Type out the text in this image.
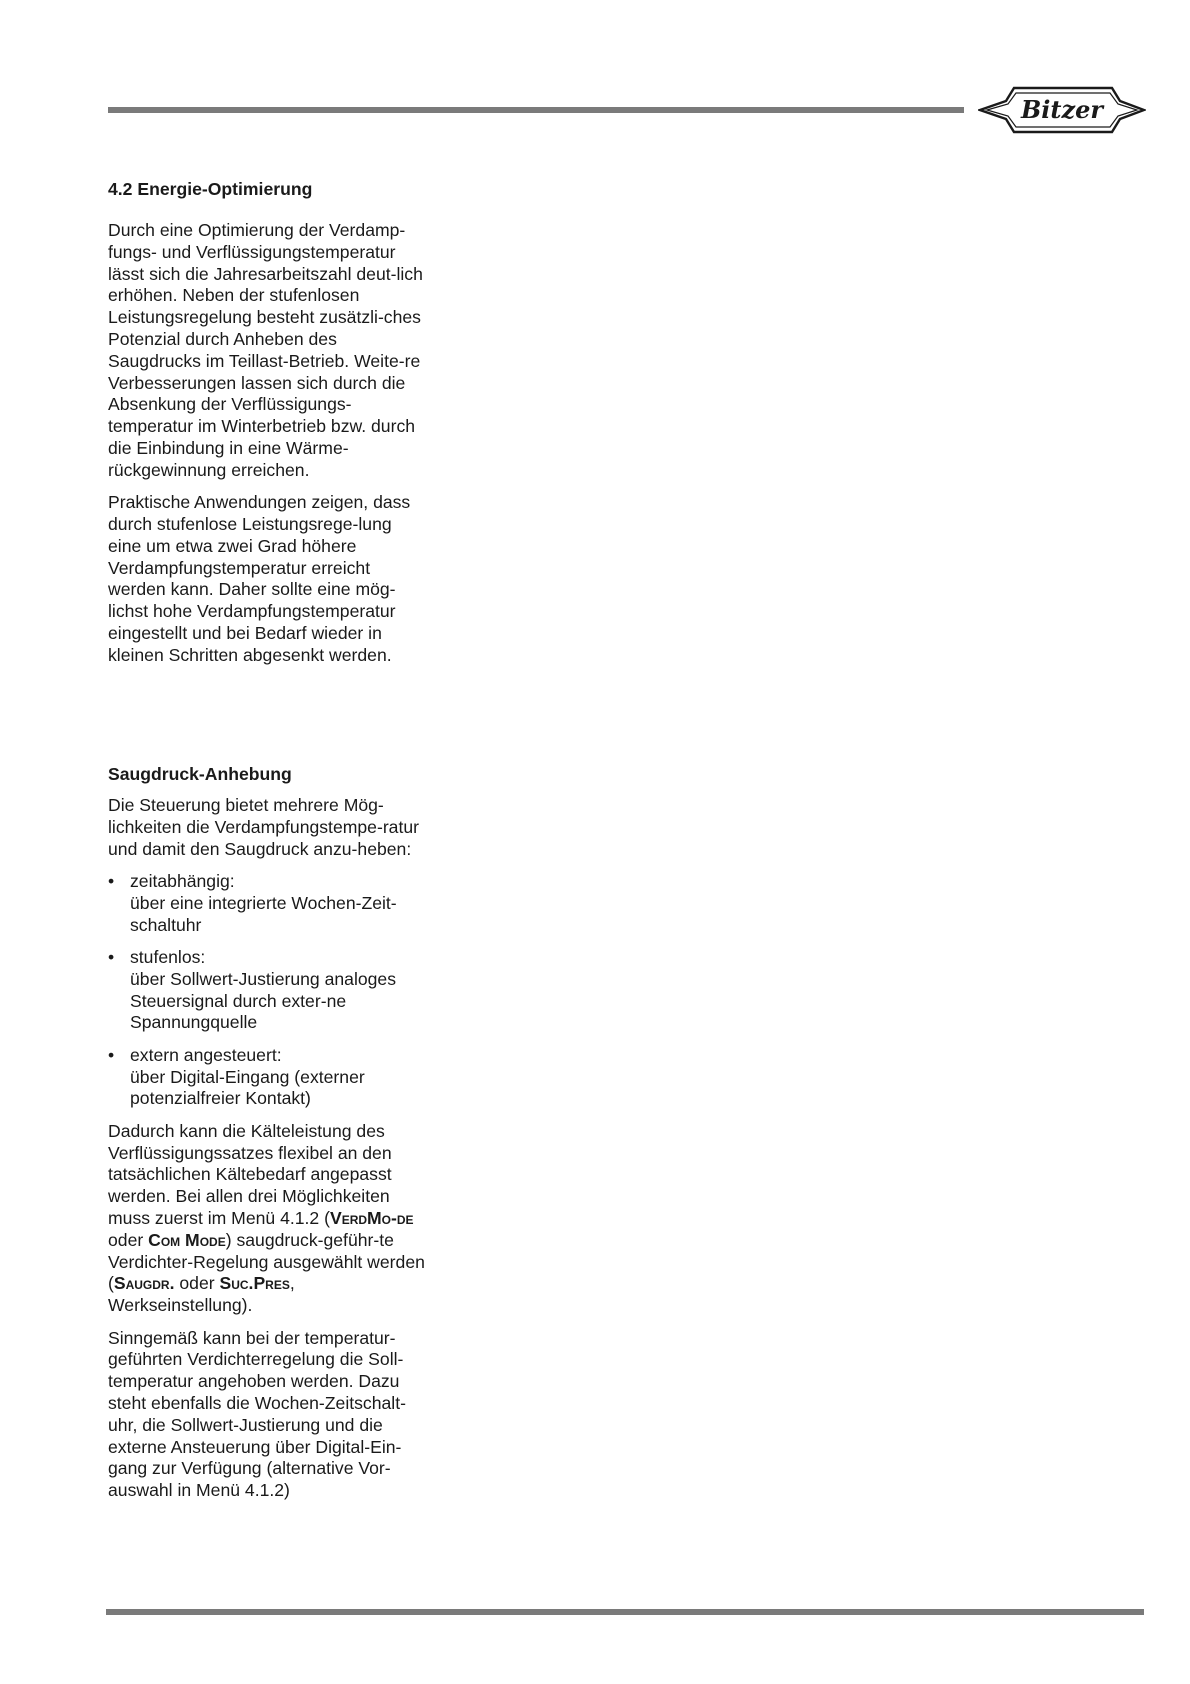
Bitzer
4.2 Energie-Optimierung

Durch eine Optimierung der Verdamp-fungs- und Verflüssigungstemperatur lässt sich die Jahresarbeitszahl deut-lich erhöhen. Neben der stufenlosen Leistungsregelung besteht zusätzli-ches Potenzial durch Anheben des Saugdrucks im Teillast-Betrieb. Weite-re Verbesserungen lassen sich durch die Absenkung der Verflüssigungs-temperatur im Winterbetrieb bzw. durch die Einbindung in eine Wärme-rückgewinnung erreichen.

Praktische Anwendungen zeigen, dass durch stufenlose Leistungsrege-lung eine um etwa zwei Grad höhere Verdampfungstemperatur erreicht werden kann. Daher sollte eine mög-lichst hohe Verdampfungstemperatur eingestellt und bei Bedarf wieder in kleinen Schritten abgesenkt werden.

Saugdruck-Anhebung

Die Steuerung bietet mehrere Mög-lichkeiten die Verdampfungstempe-ratur und damit den Saugdruck anzu-heben:

• zeitabhängig:
über eine integrierte Wochen-Zeit-schaltuhr
• stufenlos:
über Sollwert-Justierung analoges Steuersignal durch exter-ne Spannungquelle
• extern angesteuert:
über Digital-Eingang (externer potenzialfreier Kontakt)

Dadurch kann die Kälteleistung des Verflüssigungssatzes flexibel an den tatsächlichen Kältebedarf angepasst werden. Bei allen drei Möglichkeiten muss zuerst im Menü 4.1.2 (VerdMo-de oder Com Mode) saugdruck-geführ-te Verdichter-Regelung ausgewählt werden (Saugdr. oder Suc.Pres, Werkseinstellung).

Sinngemäß kann bei der temperatur-geführten Verdichterregelung die Soll-temperatur angehoben werden. Dazu steht ebenfalls die Wochen-Zeitschalt-uhr, die Sollwert-Justierung und die externe Ansteuerung über Digital-Ein-gang zur Verfügung (alternative Vor-auswahl in Menü 4.1.2)
